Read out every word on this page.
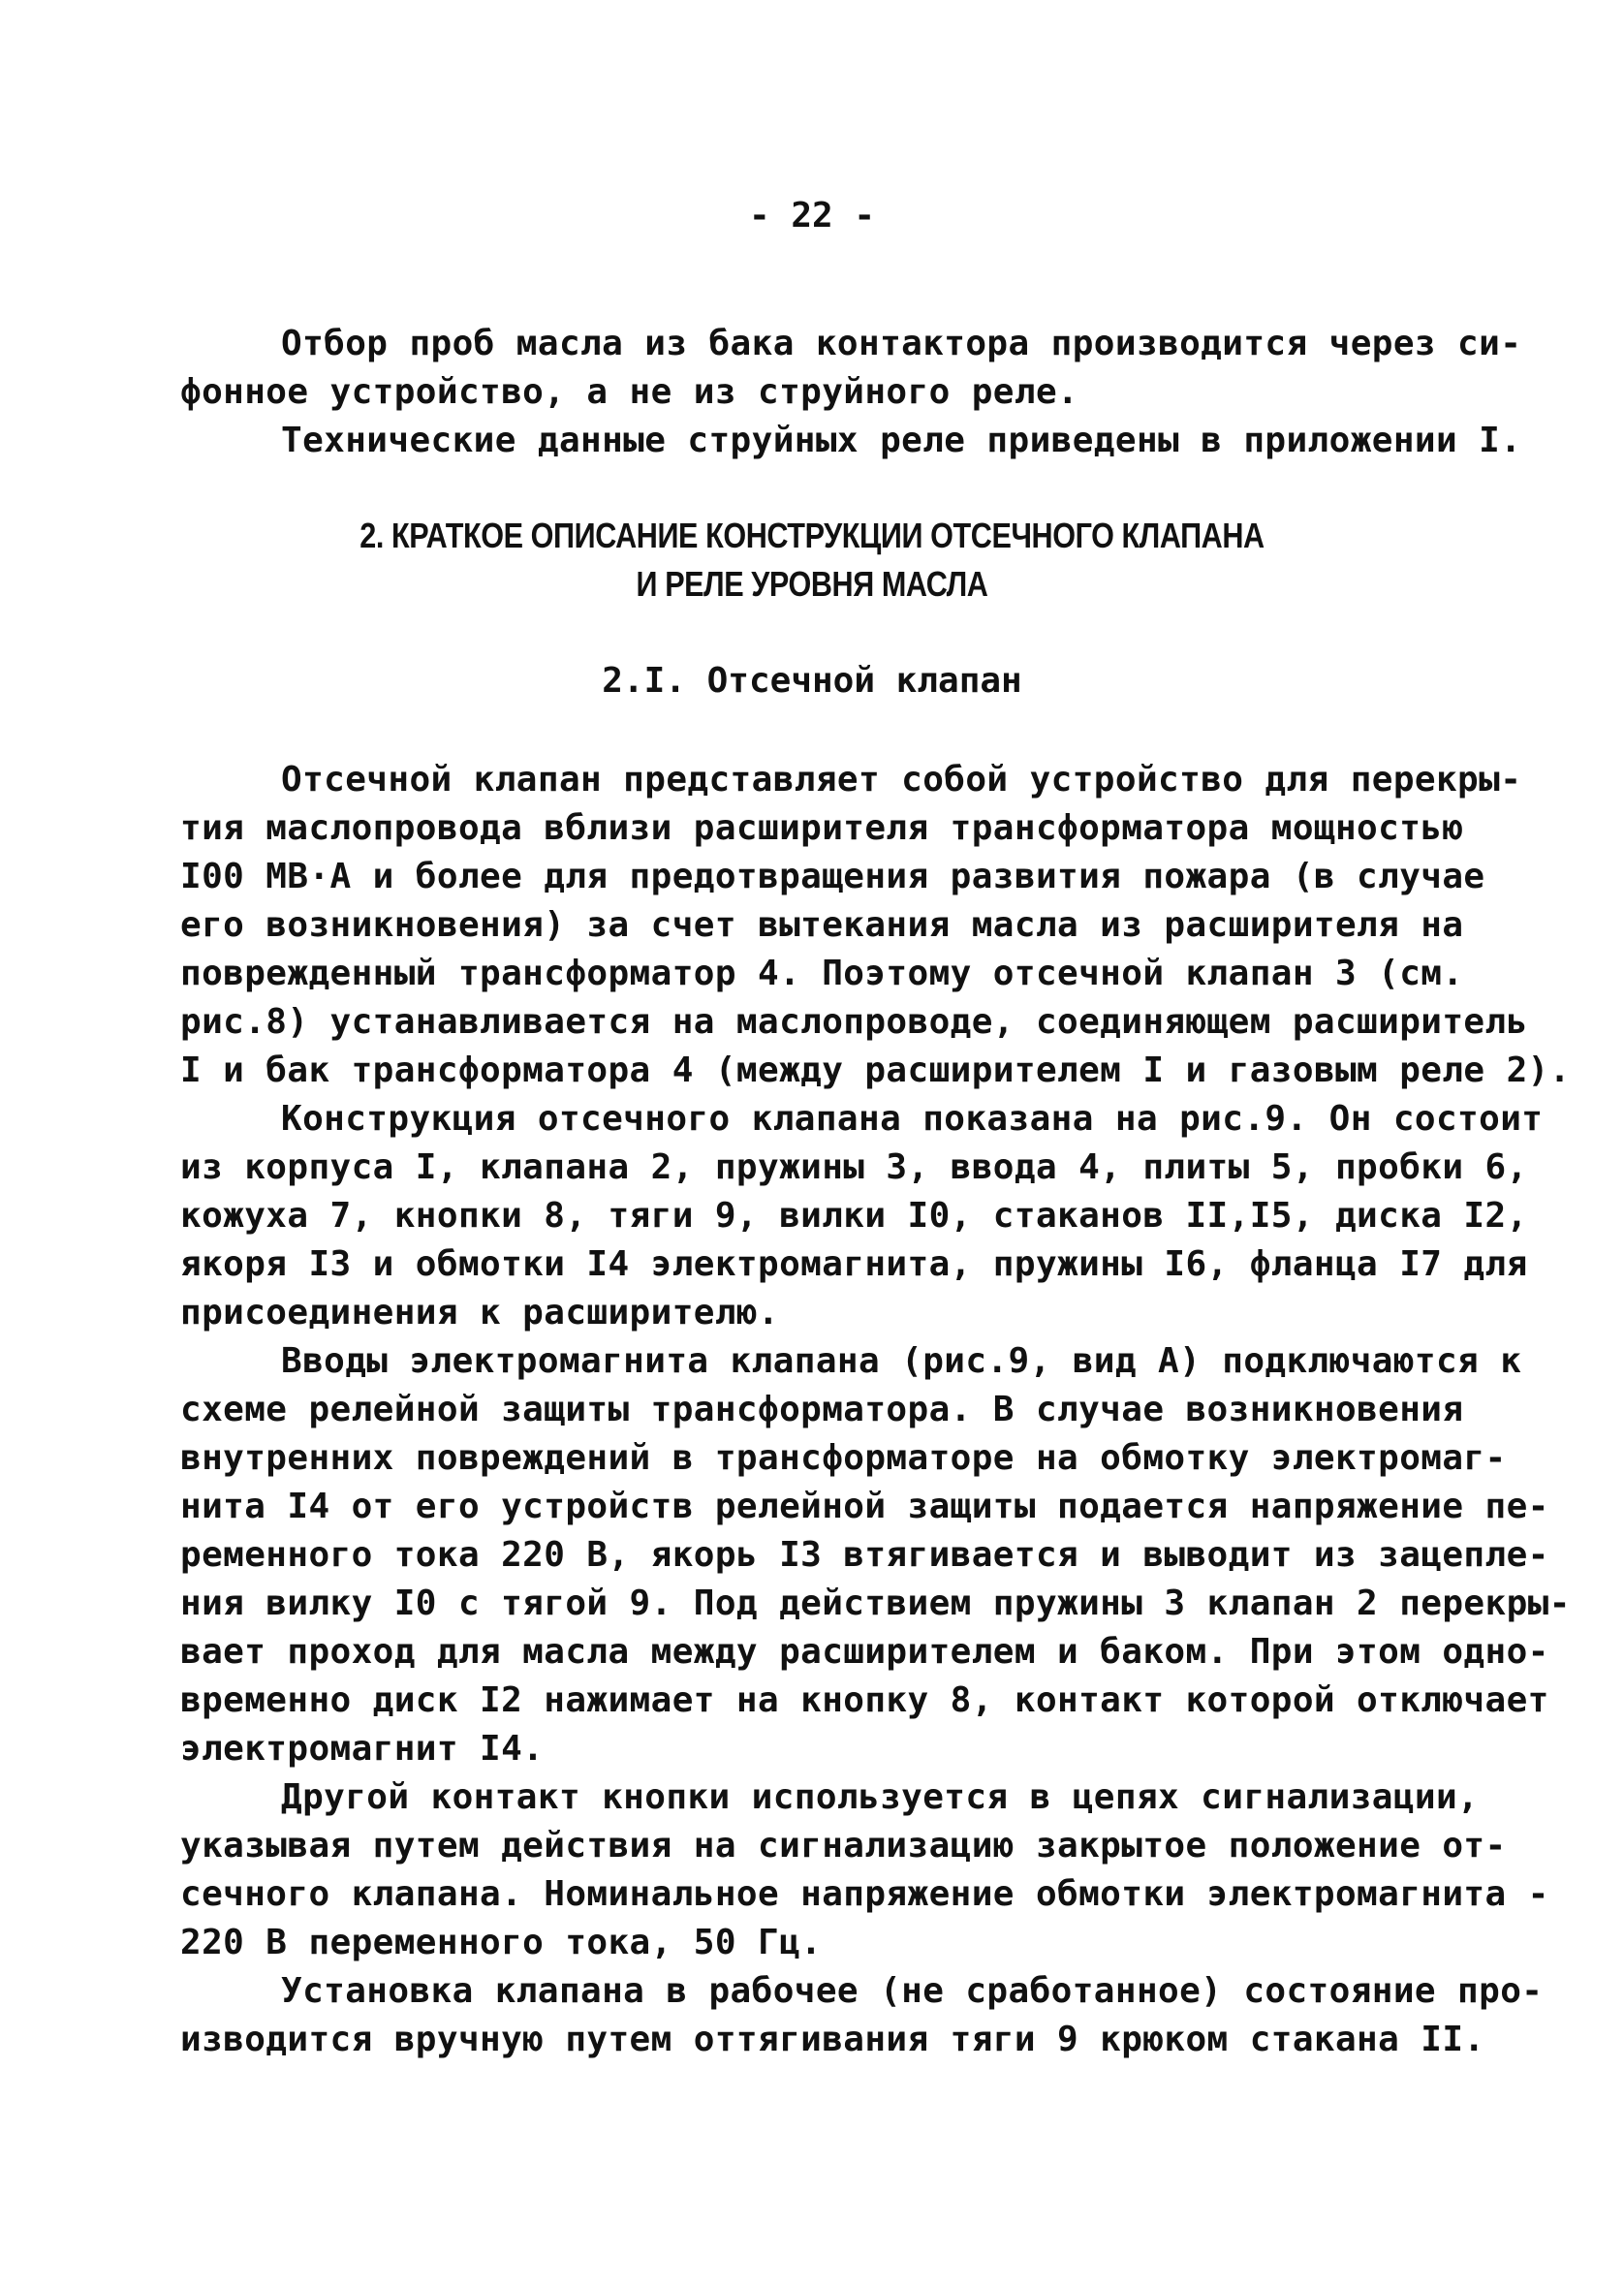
- 22 -
Отбор проб масла из бака контактора производится через си-
фонное устройство, а не из струйного реле.
Технические данные струйных реле приведены в приложении I.
2. КРАТКОЕ ОПИСАНИЕ КОНСТРУКЦИИ ОТСЕЧНОГО КЛАПАНА
И РЕЛЕ УРОВНЯ МАСЛА
2.I. Отсечной клапан
Отсечной клапан представляет собой устройство для перекры-
тия маслопровода вблизи расширителя трансформатора мощностью
I00 МВ·А и более для предотвращения развития пожара (в случае
его возникновения) за счет вытекания масла из расширителя на
поврежденный трансформатор 4. Поэтому отсечной клапан 3 (см.
рис.8) устанавливается на маслопроводе, соединяющем расширитель
I и бак трансформатора 4 (между расширителем I и газовым реле 2).
Конструкция отсечного клапана показана на рис.9. Он состоит
из корпуса I, клапана 2, пружины 3, ввода 4, плиты 5, пробки 6,
кожуха 7, кнопки 8, тяги 9, вилки I0, стаканов II,I5, диска I2,
якоря I3 и обмотки I4 электромагнита, пружины I6, фланца I7 для
присоединения к расширителю.
Вводы электромагнита клапана (рис.9, вид А) подключаются к
схеме релейной защиты трансформатора. В случае возникновения
внутренних повреждений в трансформаторе на обмотку электромаг-
нита I4 от его устройств релейной защиты подается напряжение пе-
ременного тока 220 В, якорь I3 втягивается и выводит из зацепле-
ния вилку I0 с тягой 9. Под действием пружины 3 клапан 2 перекры-
вает проход для масла между расширителем и баком. При этом одно-
временно диск I2 нажимает на кнопку 8, контакт которой отключает
электромагнит I4.
Другой контакт кнопки используется в цепях сигнализации,
указывая путем действия на сигнализацию закрытое положение от-
сечного клапана. Номинальное напряжение обмотки электромагнита -
220 В переменного тока, 50 Гц.
Установка клапана в рабочее (не сработанное) состояние про-
изводится вручную путем оттягивания тяги 9 крюком стакана II.
